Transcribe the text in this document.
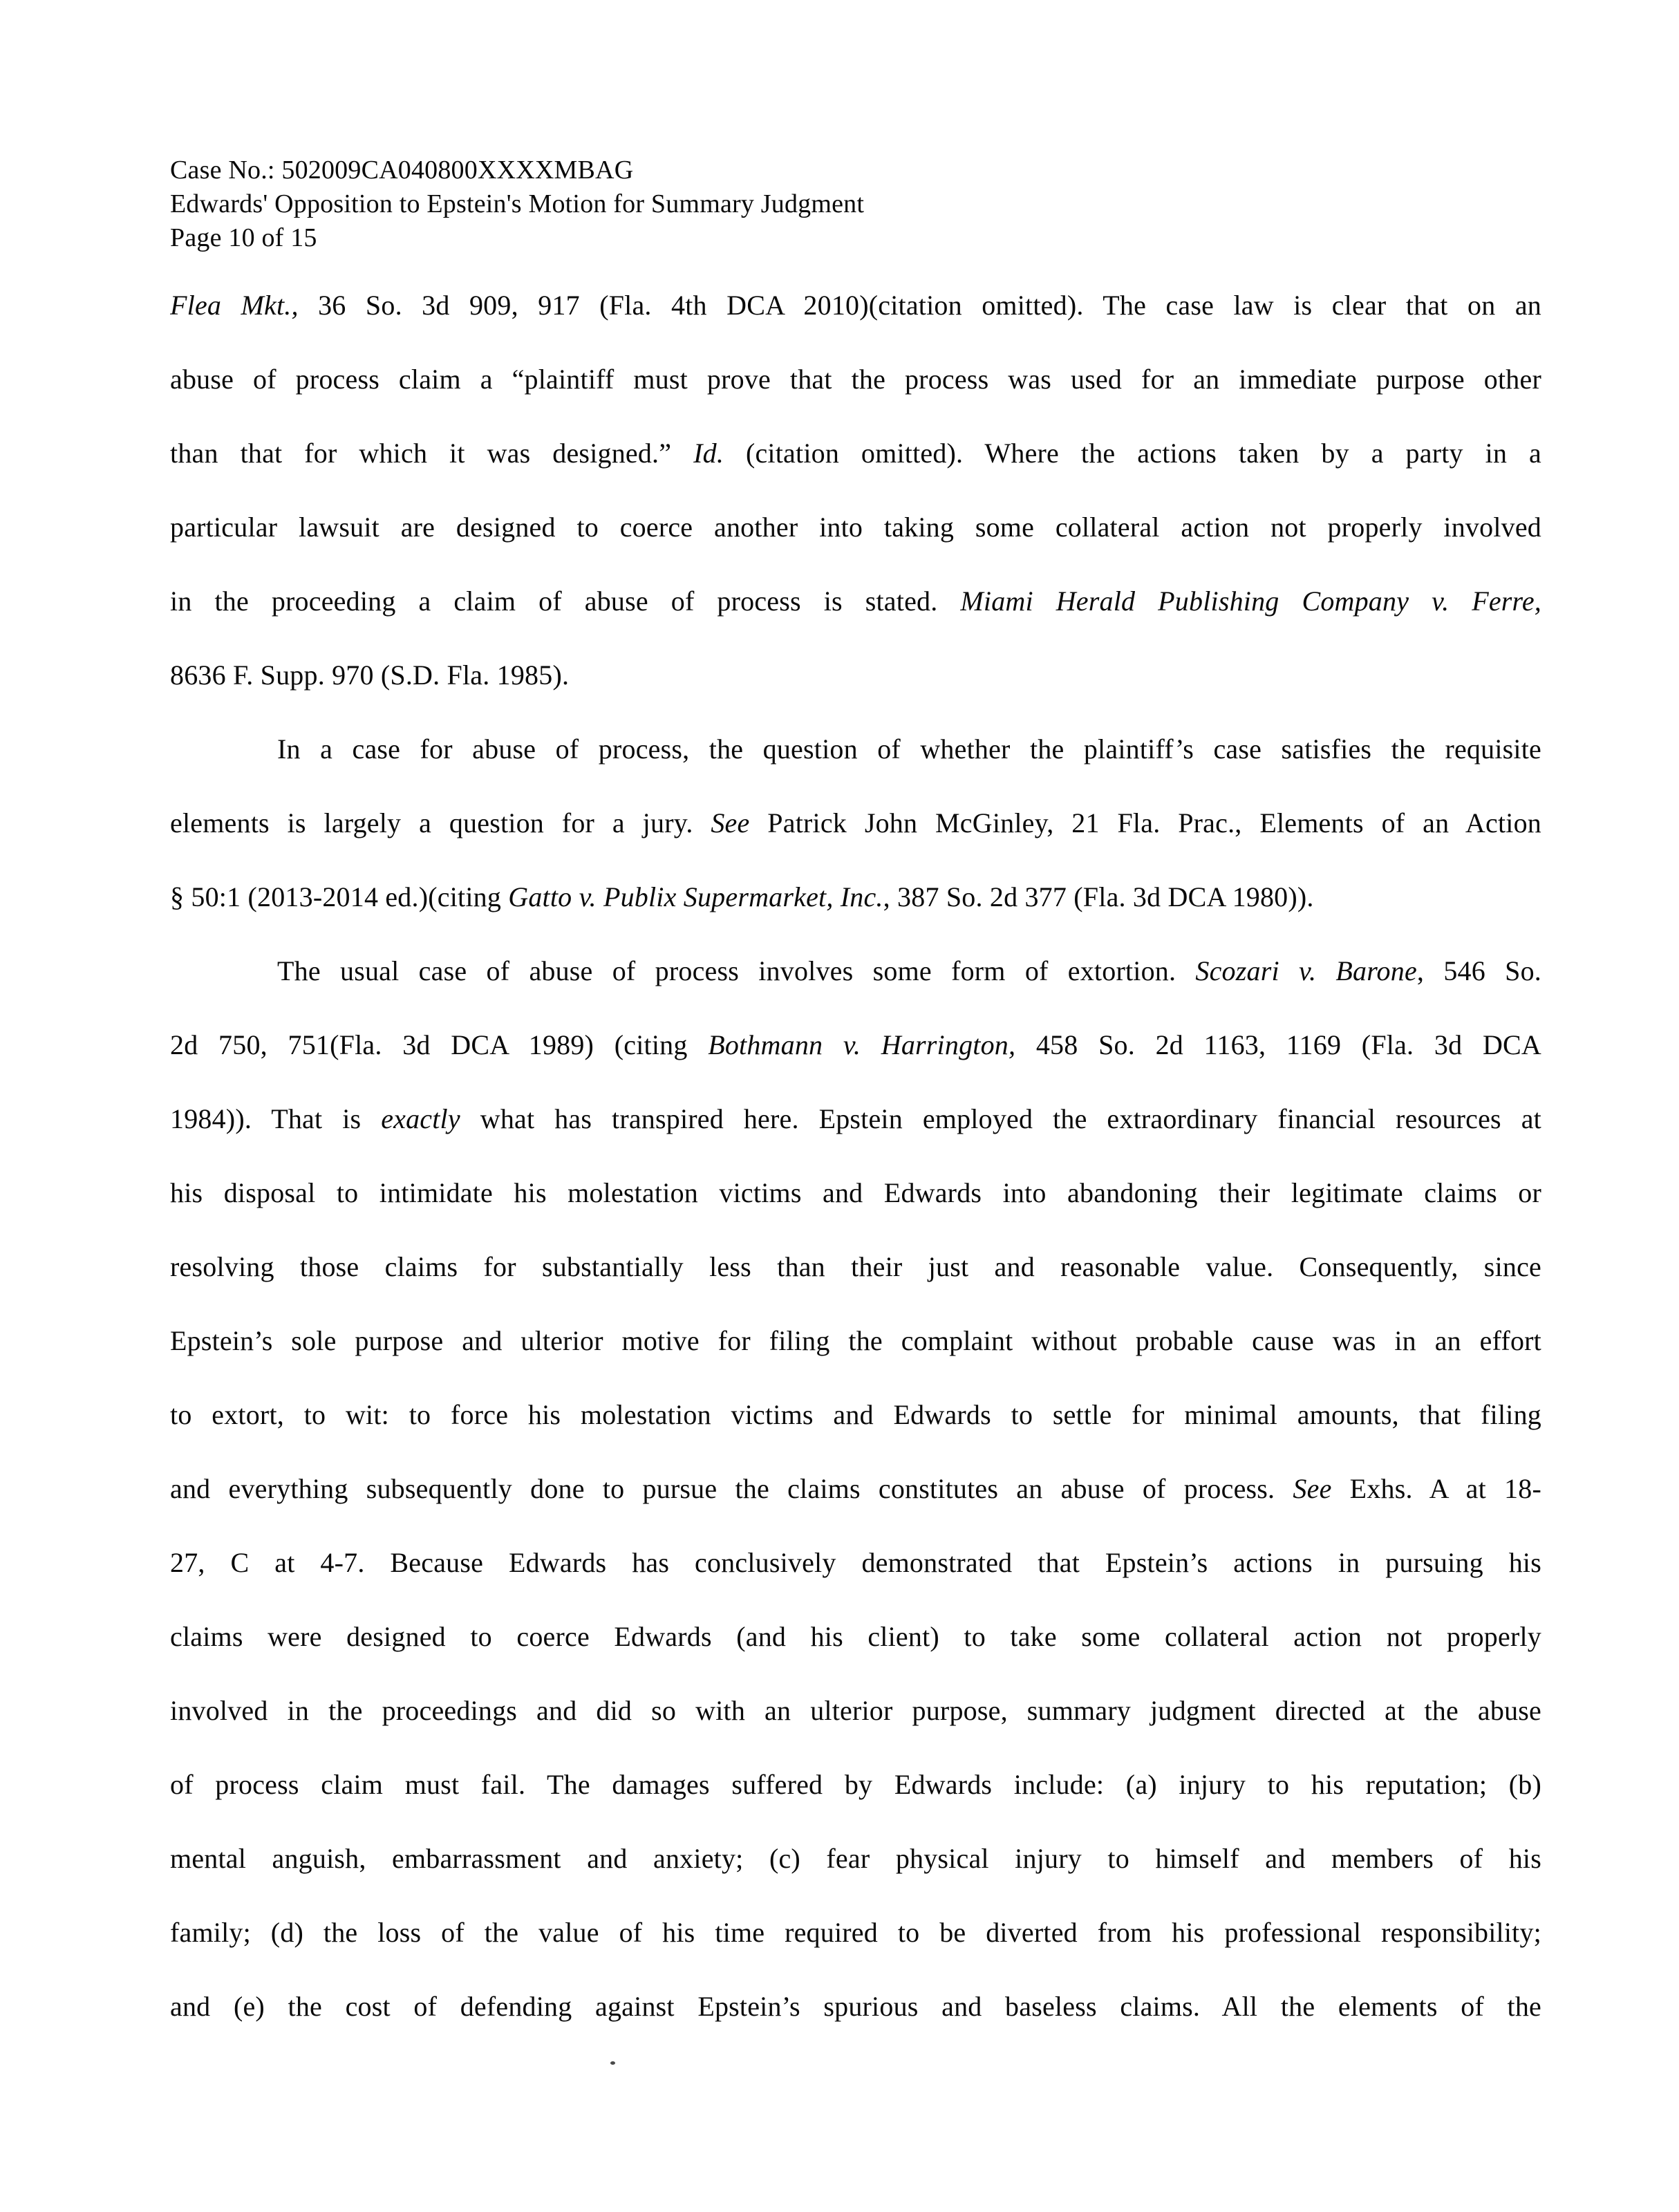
Case No.: 502009CA040800XXXXMBAG
Edwards' Opposition to Epstein's Motion for Summary Judgment
Page 10 of 15
Flea Mkt., 36 So. 3d 909, 917 (Fla. 4th DCA 2010)(citation omitted). The case law is clear that on an
abuse of process claim a “plaintiff must prove that the process was used for an immediate purpose other
than that for which it was designed.” Id. (citation omitted). Where the actions taken by a party in a
particular lawsuit are designed to coerce another into taking some collateral action not properly involved
in the proceeding a claim of abuse of process is stated. Miami Herald Publishing Company v. Ferre,
8636 F. Supp. 970 (S.D. Fla. 1985).
In a case for abuse of process, the question of whether the plaintiff’s case satisfies the requisite
elements is largely a question for a jury. See Patrick John McGinley, 21 Fla. Prac., Elements of an Action
§ 50:1 (2013-2014 ed.)(citing Gatto v. Publix Supermarket, Inc., 387 So. 2d 377 (Fla. 3d DCA 1980)).
The usual case of abuse of process involves some form of extortion. Scozari v. Barone, 546 So.
2d 750, 751(Fla. 3d DCA 1989) (citing Bothmann v. Harrington, 458 So. 2d 1163, 1169 (Fla. 3d DCA
1984)). That is exactly what has transpired here. Epstein employed the extraordinary financial resources at
his disposal to intimidate his molestation victims and Edwards into abandoning their legitimate claims or
resolving those claims for substantially less than their just and reasonable value. Consequently, since
Epstein’s sole purpose and ulterior motive for filing the complaint without probable cause was in an effort
to extort, to wit: to force his molestation victims and Edwards to settle for minimal amounts, that filing
and everything subsequently done to pursue the claims constitutes an abuse of process. See Exhs. A at 18-
27, C at 4-7. Because Edwards has conclusively demonstrated that Epstein’s actions in pursuing his
claims were designed to coerce Edwards (and his client) to take some collateral action not properly
involved in the proceedings and did so with an ulterior purpose, summary judgment directed at the abuse
of process claim must fail. The damages suffered by Edwards include: (a) injury to his reputation; (b)
mental anguish, embarrassment and anxiety; (c) fear physical injury to himself and members of his
family; (d) the loss of the value of his time required to be diverted from his professional responsibility;
and (e) the cost of defending against Epstein’s spurious and baseless claims. All the elements of the
